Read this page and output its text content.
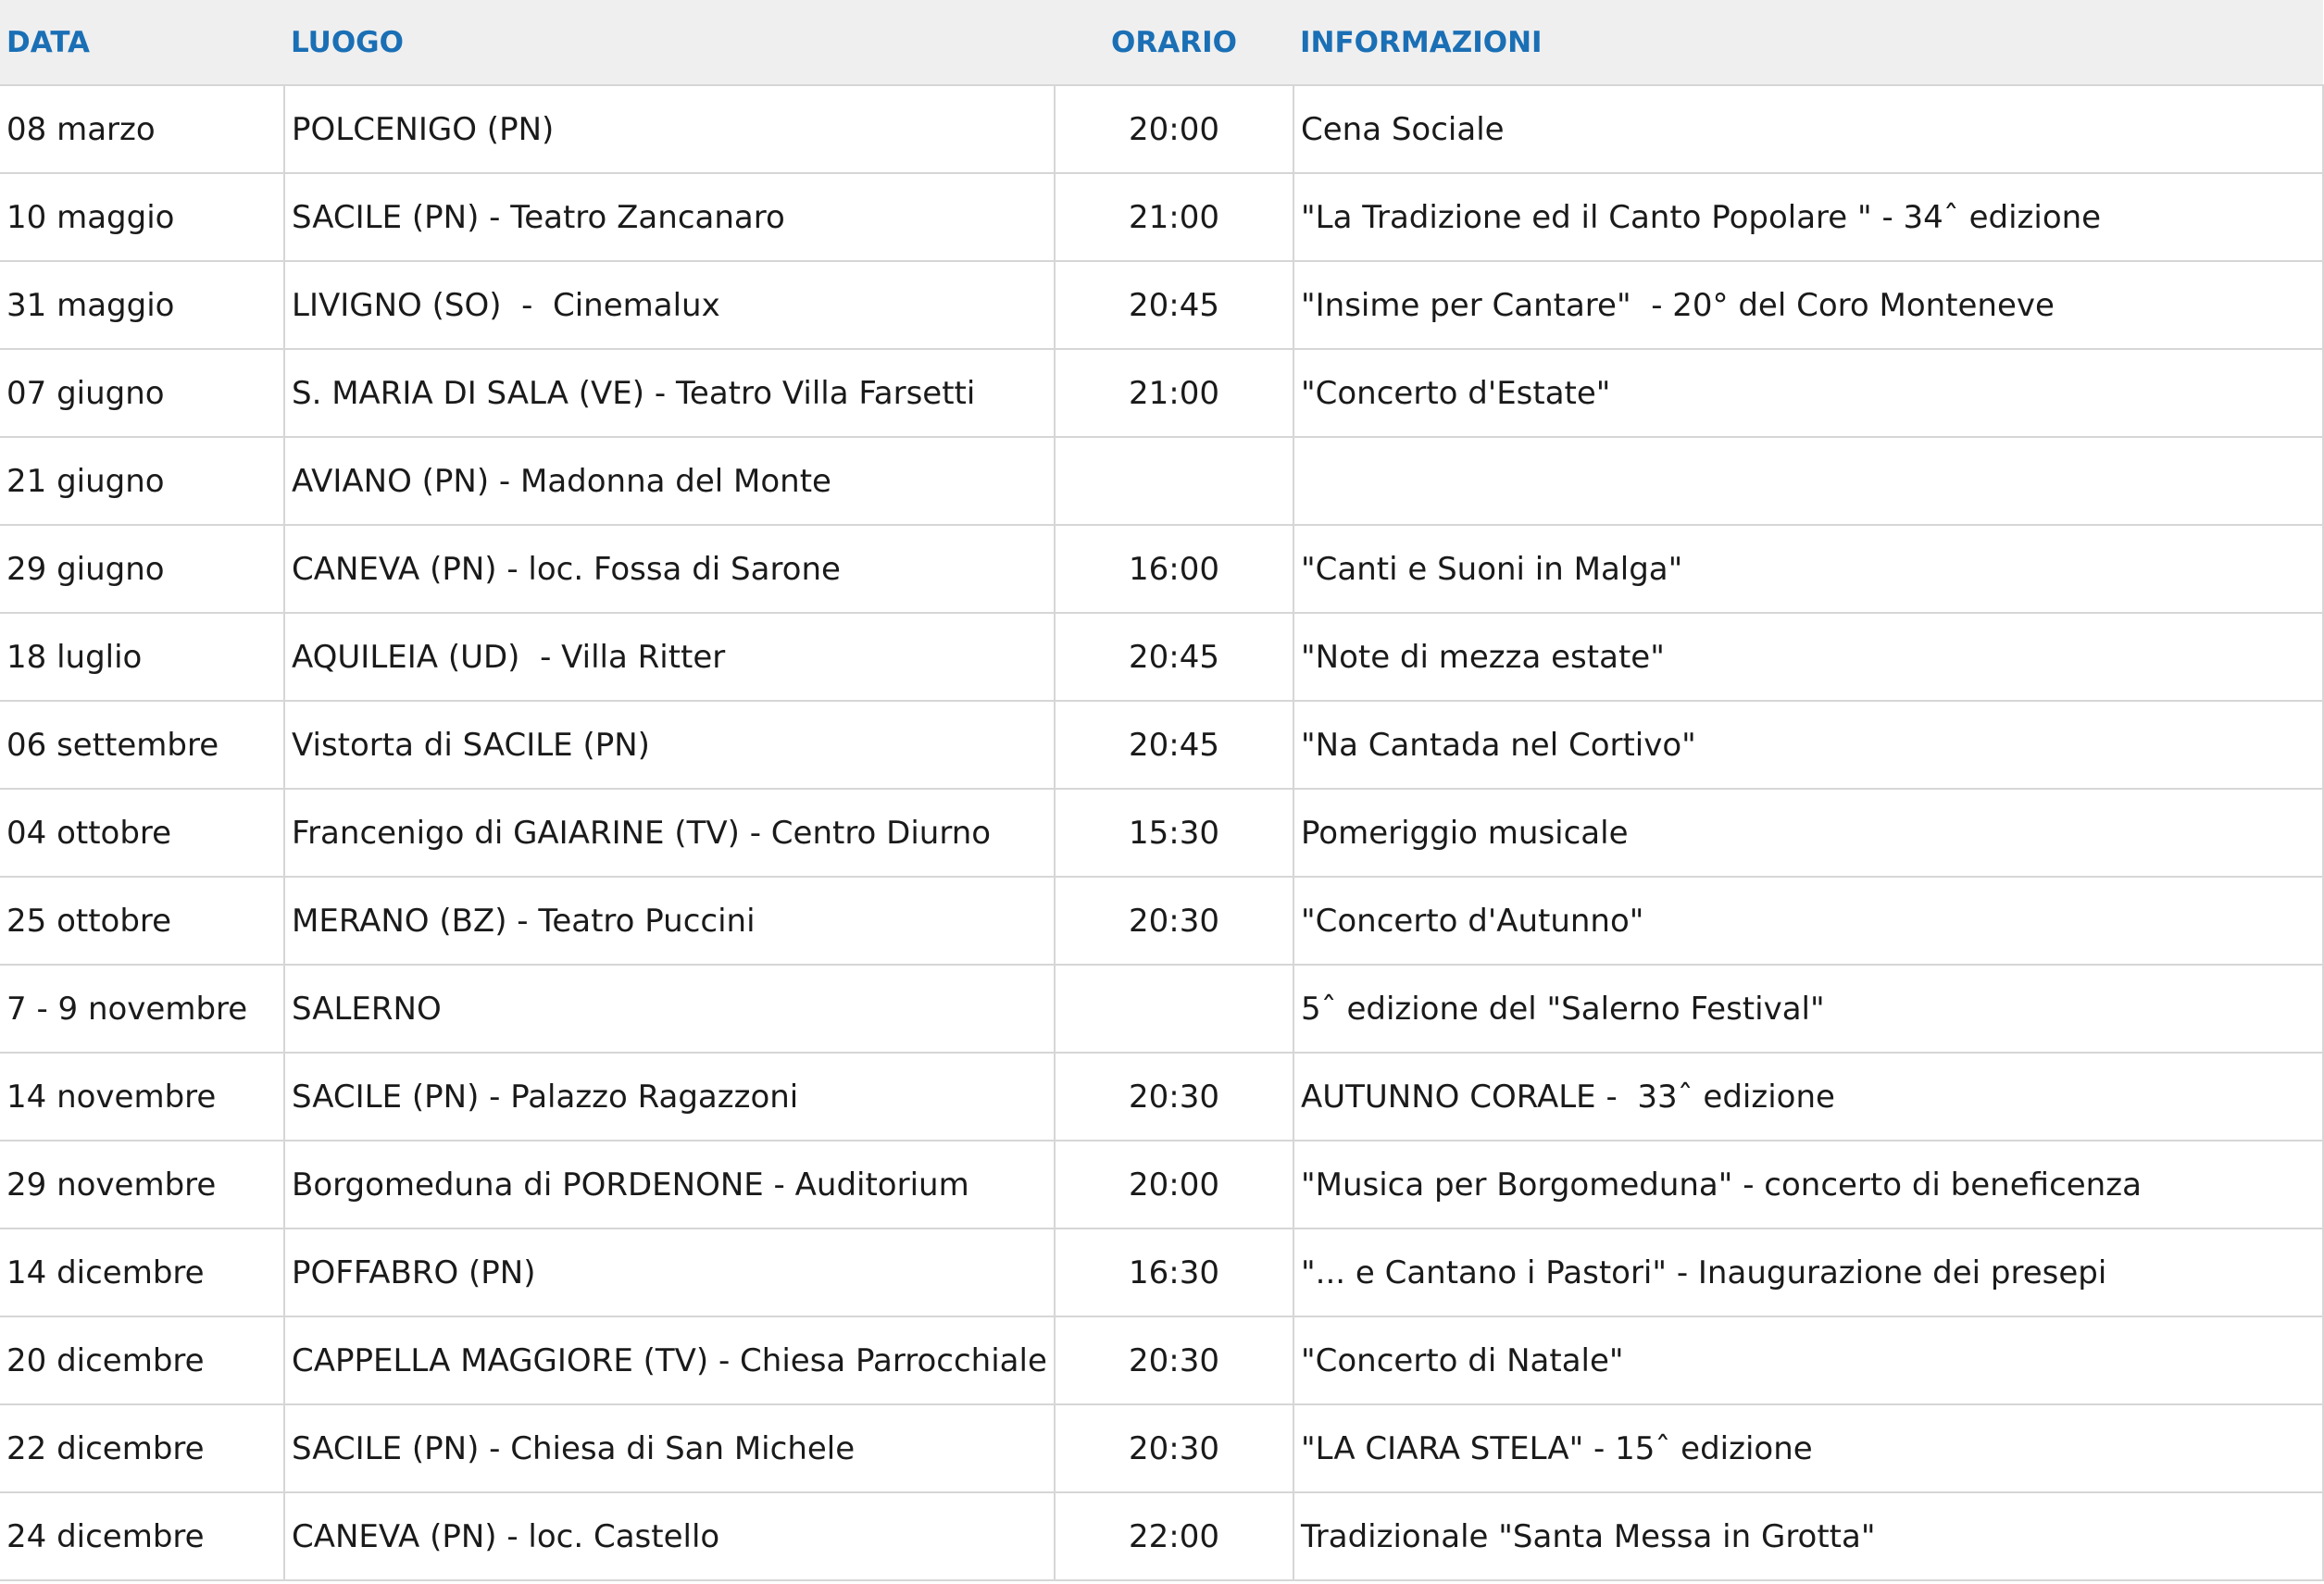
DATA	LUOGO	ORARIO	INFORMAZIONI
08 marzo	POLCENIGO (PN)	20:00	Cena Sociale
10 maggio	SACILE (PN) - Teatro Zancanaro	21:00	"La Tradizione ed il Canto Popolare " - 34ˆ edizione
31 maggio	LIVIGNO (SO)  -  Cinemalux	20:45	"Insime per Cantare"  - 20° del Coro Monteneve
07 giugno	S. MARIA DI SALA (VE) - Teatro Villa Farsetti	21:00	"Concerto d'Estate"
21 giugno	AVIANO (PN) - Madonna del Monte		
29 giugno	CANEVA (PN) - loc. Fossa di Sarone	16:00	"Canti e Suoni in Malga"
18 luglio	AQUILEIA (UD)  - Villa Ritter	20:45	"Note di mezza estate"
06 settembre	Vistorta di SACILE (PN)	20:45	"Na Cantada nel Cortivo"
04 ottobre	Francenigo di GAIARINE (TV) - Centro Diurno	15:30	Pomeriggio musicale
25 ottobre	MERANO (BZ) - Teatro Puccini	20:30	"Concerto d'Autunno"
7 - 9 novembre	SALERNO		5ˆ edizione del "Salerno Festival"
14 novembre	SACILE (PN) - Palazzo Ragazzoni	20:30	AUTUNNO CORALE -  33ˆ edizione
29 novembre	Borgomeduna di PORDENONE - Auditorium	20:00	"Musica per Borgomeduna" - concerto di beneficenza
14 dicembre	POFFABRO (PN)	16:30	"... e Cantano i Pastori" - Inaugurazione dei presepi
20 dicembre	CAPPELLA MAGGIORE (TV) - Chiesa Parrocchiale	20:30	"Concerto di Natale"
22 dicembre	SACILE (PN) - Chiesa di San Michele	20:30	"LA CIARA STELA" - 15ˆ edizione
24 dicembre	CANEVA (PN) - loc. Castello	22:00	Tradizionale "Santa Messa in Grotta"
